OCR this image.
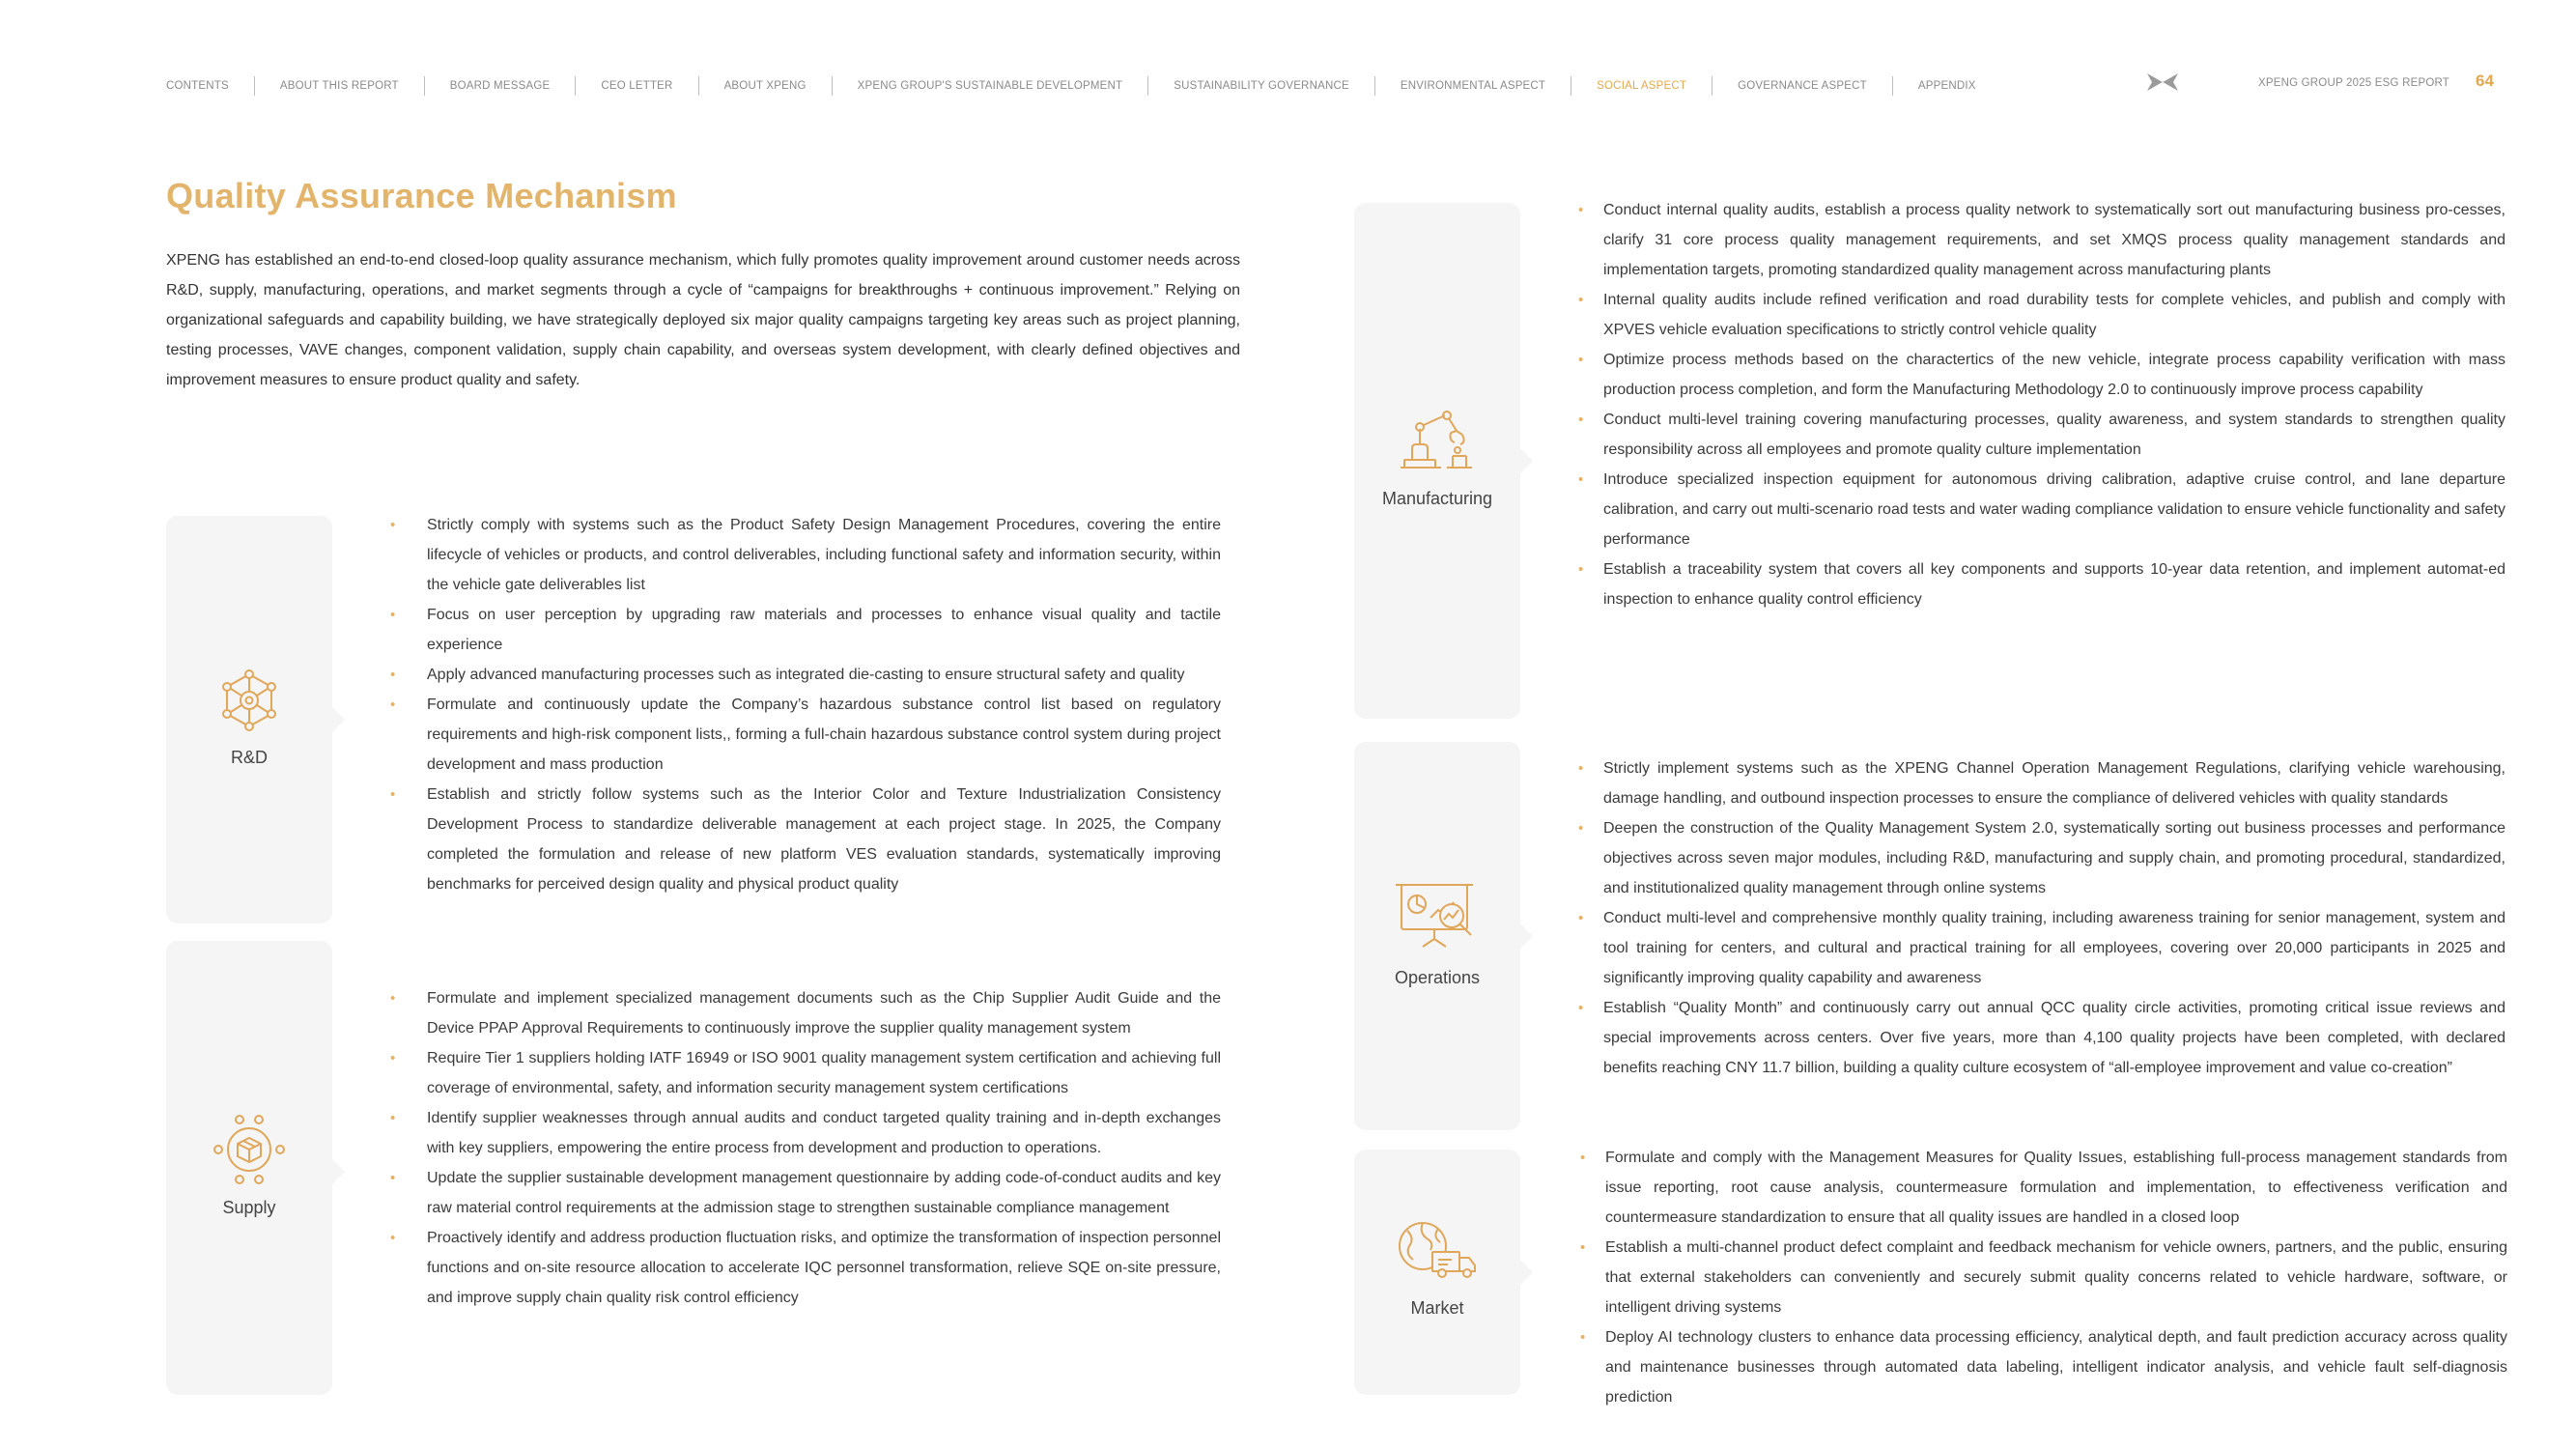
CONTENTS	ABOUT THIS REPORT	BOARD MESSAGE	CEO LETTER	ABOUT XPENG	XPENG GROUP'S SUSTAINABLE DEVELOPMENT	SUSTAINABILITY GOVERNANCE	ENVIRONMENTAL ASPECT	SOCIAL ASPECT	GOVERNANCE ASPECT	APPENDIX	XPENG GROUP 2025 ESG REPORT 64
Quality Assurance Mechanism

XPENG has established an end-to-end closed-loop quality assurance mechanism, which fully promotes quality improvement around customer needs across R&D, supply, manufacturing, operations, and market segments through a cycle of “campaigns for breakthroughs + continuous improvement.” Relying on organizational safeguards and capability building, we have strategically deployed six major quality campaigns targeting key areas such as project planning, testing processes, VAVE changes, component validation, supply chain capability, and overseas system development, with clearly defined objectives and improvement measures to ensure product quality and safety.

R&D
• Strictly comply with systems such as the Product Safety Design Management Procedures, covering the entire lifecycle of vehicles or products, and control deliverables, including functional safety and information security, within the vehicle gate deliverables list
• Focus on user perception by upgrading raw materials and processes to enhance visual quality and tactile experience
• Apply advanced manufacturing processes such as integrated die-casting to ensure structural safety and quality
• Formulate and continuously update the Company’s hazardous substance control list based on regulatory requirements and high-risk component lists,, forming a full-chain hazardous substance control system during project development and mass production
• Establish and strictly follow systems such as the Interior Color and Texture Industrialization Consistency Development Process to standardize deliverable management at each project stage. In 2025, the Company completed the formulation and release of new platform VES evaluation standards, systematically improving benchmarks for perceived design quality and physical product quality
Supply
• Formulate and implement specialized management documents such as the Chip Supplier Audit Guide and the Device PPAP Approval Requirements to continuously improve the supplier quality management system
• Require Tier 1 suppliers holding IATF 16949 or ISO 9001 quality management system certification and achieving full coverage of environmental, safety, and information security management system certifications
• Identify supplier weaknesses through annual audits and conduct targeted quality training and in-depth exchanges with key suppliers, empowering the entire process from development and production to operations.
• Update the supplier sustainable development management questionnaire by adding code-of-conduct audits and key raw material control requirements at the admission stage to strengthen sustainable compliance management
• Proactively identify and address production fluctuation risks, and optimize the transformation of inspection personnel functions and on-site resource allocation to accelerate IQC personnel transformation, relieve SQE on-site pressure, and improve supply chain quality risk control efficiency
Manufacturing
• Conduct internal quality audits, establish a process quality network to systematically sort out manufacturing business pro-cesses, clarify 31 core process quality management requirements, and set XMQS process quality management standards and implementation targets, promoting standardized quality management across manufacturing plants
• Internal quality audits include refined verification and road durability tests for complete vehicles, and publish and comply with XPVES vehicle evaluation specifications to strictly control vehicle quality
• Optimize process methods based on the charactertics of the new vehicle, integrate process capability verification with mass production process completion, and form the Manufacturing Methodology 2.0 to continuously improve process capability
• Conduct multi-level training covering manufacturing processes, quality awareness, and system standards to strengthen quality responsibility across all employees and promote quality culture implementation
• Introduce specialized inspection equipment for autonomous driving calibration, adaptive cruise control, and lane departure calibration, and carry out multi-scenario road tests and water wading compliance validation to ensure vehicle functionality and safety performance
• Establish a traceability system that covers all key components and supports 10-year data retention, and implement automat-ed inspection to enhance quality control efficiency
Operations
• Strictly implement systems such as the XPENG Channel Operation Management Regulations, clarifying vehicle warehousing, damage handling, and outbound inspection processes to ensure the compliance of delivered vehicles with quality standards
• Deepen the construction of the Quality Management System 2.0, systematically sorting out business processes and performance objectives across seven major modules, including R&D, manufacturing and supply chain, and promoting procedural, standardized, and institutionalized quality management through online systems
• Conduct multi-level and comprehensive monthly quality training, including awareness training for senior management, system and tool training for centers, and cultural and practical training for all employees, covering over 20,000 participants in 2025 and significantly improving quality capability and awareness
• Establish “Quality Month” and continuously carry out annual QCC quality circle activities, promoting critical issue reviews and special improvements across centers. Over five years, more than 4,100 quality projects have been completed, with declared benefits reaching CNY 11.7 billion, building a quality culture ecosystem of “all-employee improvement and value co-creation”
Market
• Formulate and comply with the Management Measures for Quality Issues, establishing full-process management standards from issue reporting, root cause analysis, countermeasure formulation and implementation, to effectiveness verification and countermeasure standardization to ensure that all quality issues are handled in a closed loop
• Establish a multi-channel product defect complaint and feedback mechanism for vehicle owners, partners, and the public, ensuring that external stakeholders can conveniently and securely submit quality concerns related to vehicle hardware, software, or intelligent driving systems
• Deploy AI technology clusters to enhance data processing efficiency, analytical depth, and fault prediction accuracy across quality and maintenance businesses through automated data labeling, intelligent indicator analysis, and vehicle fault self-diagnosis prediction
